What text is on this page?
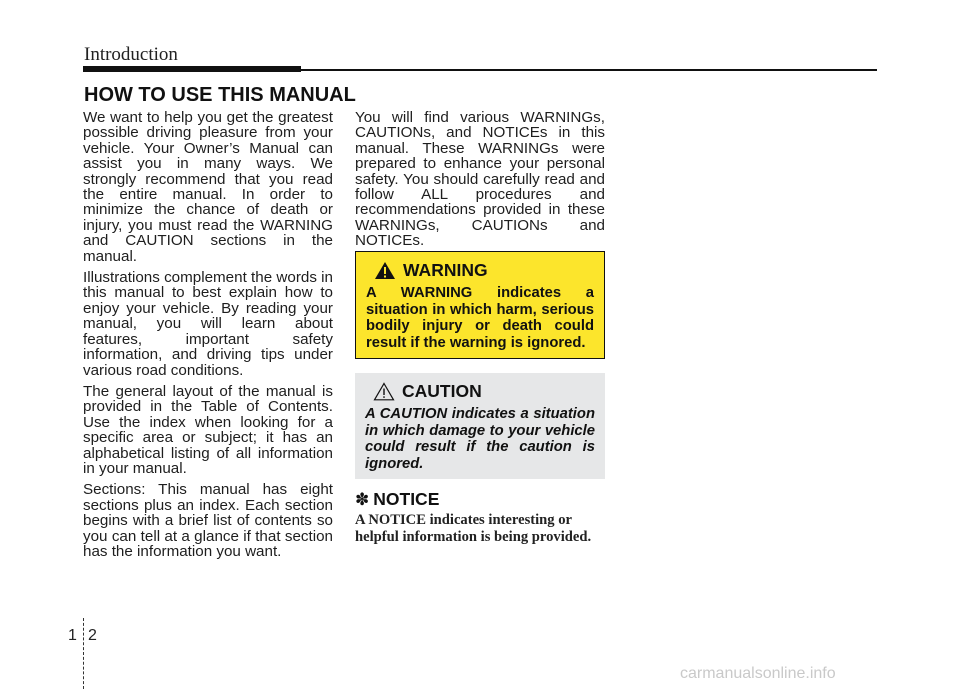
Introduction
HOW TO USE THIS MANUAL

We want to help you get the greatest possible driving pleasure from your vehicle. Your Owner’s Manual can assist you in many ways. We strongly recommend that you read the entire manual. In order to minimize the chance of death or injury, you must read the WARNING and CAUTION sections in the manual.

Illustrations complement the words in this manual to best explain how to enjoy your vehicle. By reading your manual, you will learn about features, important safety information, and driving tips under various road conditions.

The general layout of the manual is provided in the Table of Contents. Use the index when looking for a specific area or subject; it has an alphabetical listing of all information in your manual.

Sections: This manual has eight sections plus an index. Each section begins with a brief list of contents so you can tell at a glance if that section has the information you want.

You will find various WARNINGs, CAUTIONs, and NOTICEs in this manual. These WARNINGs were prepared to enhance your personal safety. You should carefully read and follow ALL procedures and recommendations provided in these WARNINGs, CAUTIONs and NOTICEs.

WARNING
A WARNING indicates a situation in which harm, serious bodily injury or death could result if the warning is ignored.
CAUTION
A CAUTION indicates a situation in which damage to your vehicle could result if the caution is ignored.
✽ NOTICE
A NOTICE indicates interesting or helpful information is being provided.
1 2
carmanualsonline.info
